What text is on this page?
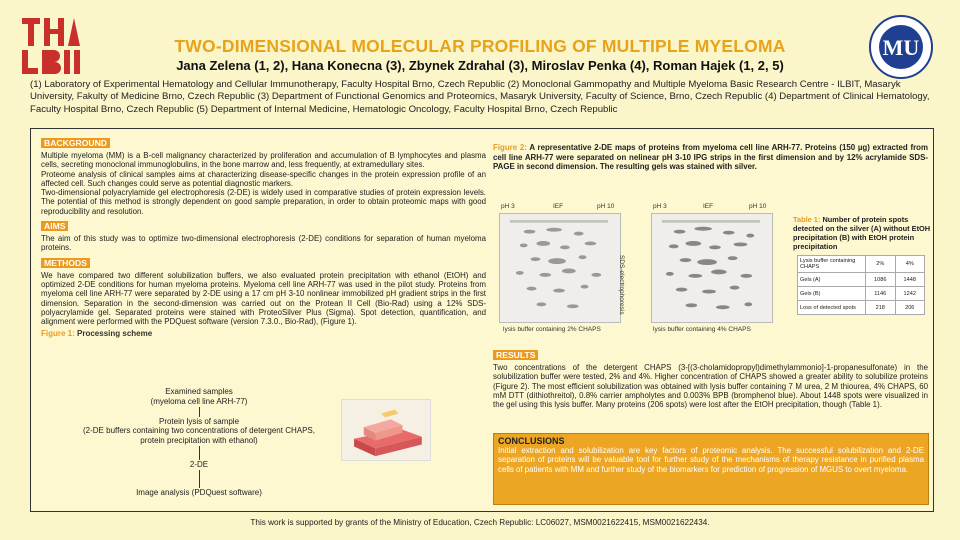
MU
TWO-DIMENSIONAL MOLECULAR PROFILING OF MULTIPLE MYELOMA
Jana Zelena (1, 2), Hana Konecna (3), Zbynek Zdrahal (3), Miroslav Penka (4), Roman Hajek (1, 2, 5)
(1) Laboratory of Experimental Hematology and Cellular Immunotherapy, Faculty Hospital Brno, Czech Republic (2) Monoclonal Gammopathy and Multiple Myeloma Basic Research Centre - ILBIT, Masaryk University, Fakulty of Medicine Brno, Czech Republic (3) Department of Functional Genomics and Proteomics, Masaryk University, Faculty of Science, Brno, Czech Republic (4) Department of Clinical Hematology, Faculty Hospital Brno, Czech Republic (5) Department of Internal Medicine, Hematologic Oncology, Faculty Hospital Brno, Czech Republic
BACKGROUND
Multiple myeloma (MM) is a B-cell malignancy characterized by proliferation and accumulation of B lymphocytes and plasma cells, secreting monoclonal immunoglobulins, in the bone marrow and, less frequently, at extramedullary sites.
Proteome analysis of clinical samples aims at characterizing disease-specific changes in the protein expression profile of an affected cell. Such changes could serve as potential diagnostic markers.
Two-dimensional polyacrylamide gel electrophoresis (2-DE) is widely used in comparative studies of protein expression levels. The potential of this method is strongly dependent on good sample preparation, in order to obtain proteomic maps with good reproducibility and resolution.
AIMS
The aim of this study was to optimize two-dimensional electrophoresis (2-DE) conditions for separation of human myeloma proteins.
METHODS
We have compared two different solubilization buffers, we also evaluated protein precipitation with ethanol (EtOH) and optimized 2-DE conditions for human myeloma proteins. Myeloma cell line ARH-77 was used in the pilot study. Proteins from myeloma cell line ARH-77 were separated by 2-DE using a 17 cm pH 3-10 nonlinear immobilized pH gradient strips in the first dimension. Separation in the second-dimension was carried out on the Protean II Cell (Bio-Rad) using a 12% SDS-polyacrylamide gel. Separated proteins were stained with ProteoSilver Plus (Sigma). Spot detection, quantification, and alignment were performed with the PDQuest software (version 7.3.0., Bio-Rad), (Figure 1).
Figure 1: Processing scheme
Examined samples
(myeloma cell line ARH-77)
Protein lysis of sample
(2-DE buffers containing two concentrations of detergent CHAPS,
protein precipitation with ethanol)
2-DE
Image analysis (PDQuest software)
Figure 2: A representative 2-DE maps of proteins from myeloma cell line ARH-77. Proteins (150 µg) extracted from cell line ARH-77 were separated on nelinear pH 3-10 IPG strips in the first dimension and by 12% acrylamide SDS-PAGE in second dimension. The resulting gels was stained with silver.
pH 3	IEF	pH 10
SDS-electrophoresis
lysis buffer containing 2% CHAPS
pH 3	IEF	pH 10
lysis buffer containing 4% CHAPS
Table 1: Number of protein spots detected on the silver (A) without EtOH precipitation (B) with EtOH protein precipitation
Lysis buffer containing CHAPS	2%	4%
Gels (A)	1086	1448
Gels (B)	1146	1242
Loss of detected spots	218	206
RESULTS
Two concentrations of the detergent CHAPS (3-[(3-cholamidopropyl)dimethylammonio]-1-propanesulfonate) in the solubilization buffer were tested, 2% and 4%. Higher concentration of CHAPS showed a greater ability to solubilize proteins (Figure 2). The most efficient solubilization was obtained with lysis buffer containing 7 M urea, 2 M thiourea, 4% CHAPS, 60 mM DTT (dithiothreitol), 0.8% carrier ampholytes and 0.003% BPB (bromphenol blue). About 1448 spots were visualized in the gel using this lysis buffer. Many proteins (206 spots) were lost after the EtOH precipitation, though (Table 1).
CONCLUSIONS
Initial extraction and solubilization are key factors of proteomic analysis. The successful solubilization and 2-DE separation of proteins will be valuable tool for further study of the mechanisms of therapy resistance in purified plasma cells of patients with MM and further study of the biomarkers for prediction of progression of MGUS to overt myeloma.
This work is supported by grants of the Ministry of Education, Czech Republic: LC06027, MSM0021622415, MSM0021622434.
